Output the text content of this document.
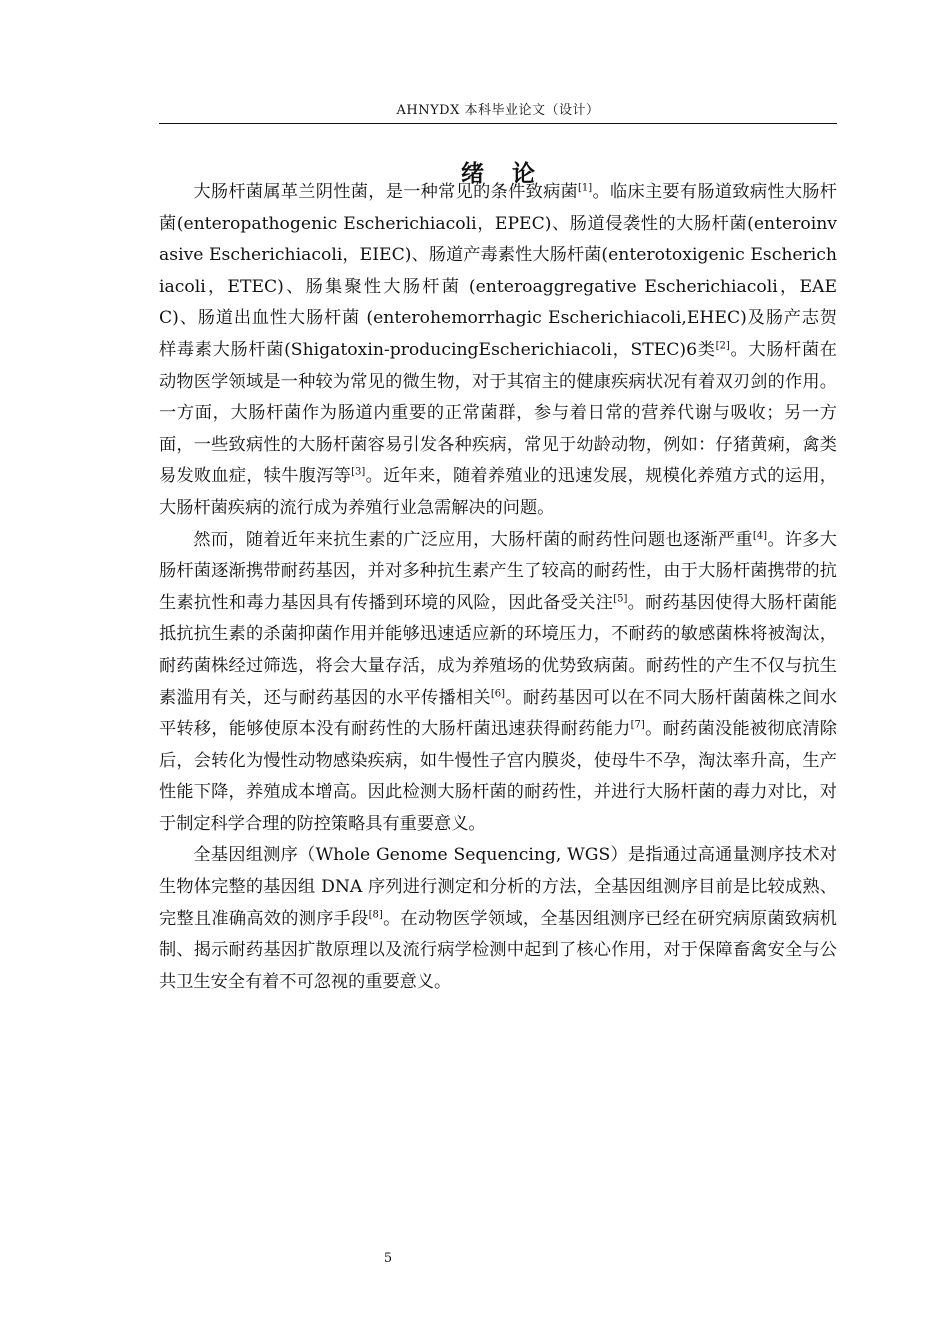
AHNYDX 本科毕业论文（设计）
绪 论

大肠杆菌属革兰阴性菌，是一种常见的条件致病菌[1]。临床主要有肠道致病性大肠杆菌(enteropathogenic Escherichiacoli，EPEC)、肠道侵袭性的大肠杆菌(enteroinvasive Escherichiacoli，EIEC)、肠道产毒素性大肠杆菌(enterotoxigenic Escherichiacoli，ETEC)、肠集聚性大肠杆菌 (enteroaggregative Escherichiacoli，EAEC)、肠道出血性大肠杆菌 (enterohemorrhagic Escherichiacoli,EHEC)及肠产志贺样毒素大肠杆菌(Shigatoxin-producingEscherichiacoli，STEC)6类[2]。大肠杆菌在动物医学领域是一种较为常见的微生物，对于其宿主的健康疾病状况有着双刃剑的作用。一方面，大肠杆菌作为肠道内重要的正常菌群，参与着日常的营养代谢与吸收；另一方面，一些致病性的大肠杆菌容易引发各种疾病，常见于幼龄动物，例如：仔猪黄痢，禽类易发败血症，犊牛腹泻等[3]。近年来，随着养殖业的迅速发展，规模化养殖方式的运用，大肠杆菌疾病的流行成为养殖行业急需解决的问题。

然而，随着近年来抗生素的广泛应用，大肠杆菌的耐药性问题也逐渐严重[4]。许多大肠杆菌逐渐携带耐药基因，并对多种抗生素产生了较高的耐药性，由于大肠杆菌携带的抗生素抗性和毒力基因具有传播到环境的风险，因此备受关注[5]。耐药基因使得大肠杆菌能抵抗抗生素的杀菌抑菌作用并能够迅速适应新的环境压力，不耐药的敏感菌株将被淘汰，耐药菌株经过筛选，将会大量存活，成为养殖场的优势致病菌。耐药性的产生不仅与抗生素滥用有关，还与耐药基因的水平传播相关[6]。耐药基因可以在不同大肠杆菌菌株之间水平转移，能够使原本没有耐药性的大肠杆菌迅速获得耐药能力[7]。耐药菌没能被彻底清除后，会转化为慢性动物感染疾病，如牛慢性子宫内膜炎，使母牛不孕，淘汰率升高，生产性能下降，养殖成本增高。因此检测大肠杆菌的耐药性，并进行大肠杆菌的毒力对比，对于制定科学合理的防控策略具有重要意义。

全基因组测序（Whole Genome Sequencing, WGS）是指通过高通量测序技术对生物体完整的基因组 DNA 序列进行测定和分析的方法，全基因组测序目前是比较成熟、完整且准确高效的测序手段[8]。在动物医学领域，全基因组测序已经在研究病原菌致病机制、揭示耐药基因扩散原理以及流行病学检测中起到了核心作用，对于保障畜禽安全与公共卫生安全有着不可忽视的重要意义。

5
